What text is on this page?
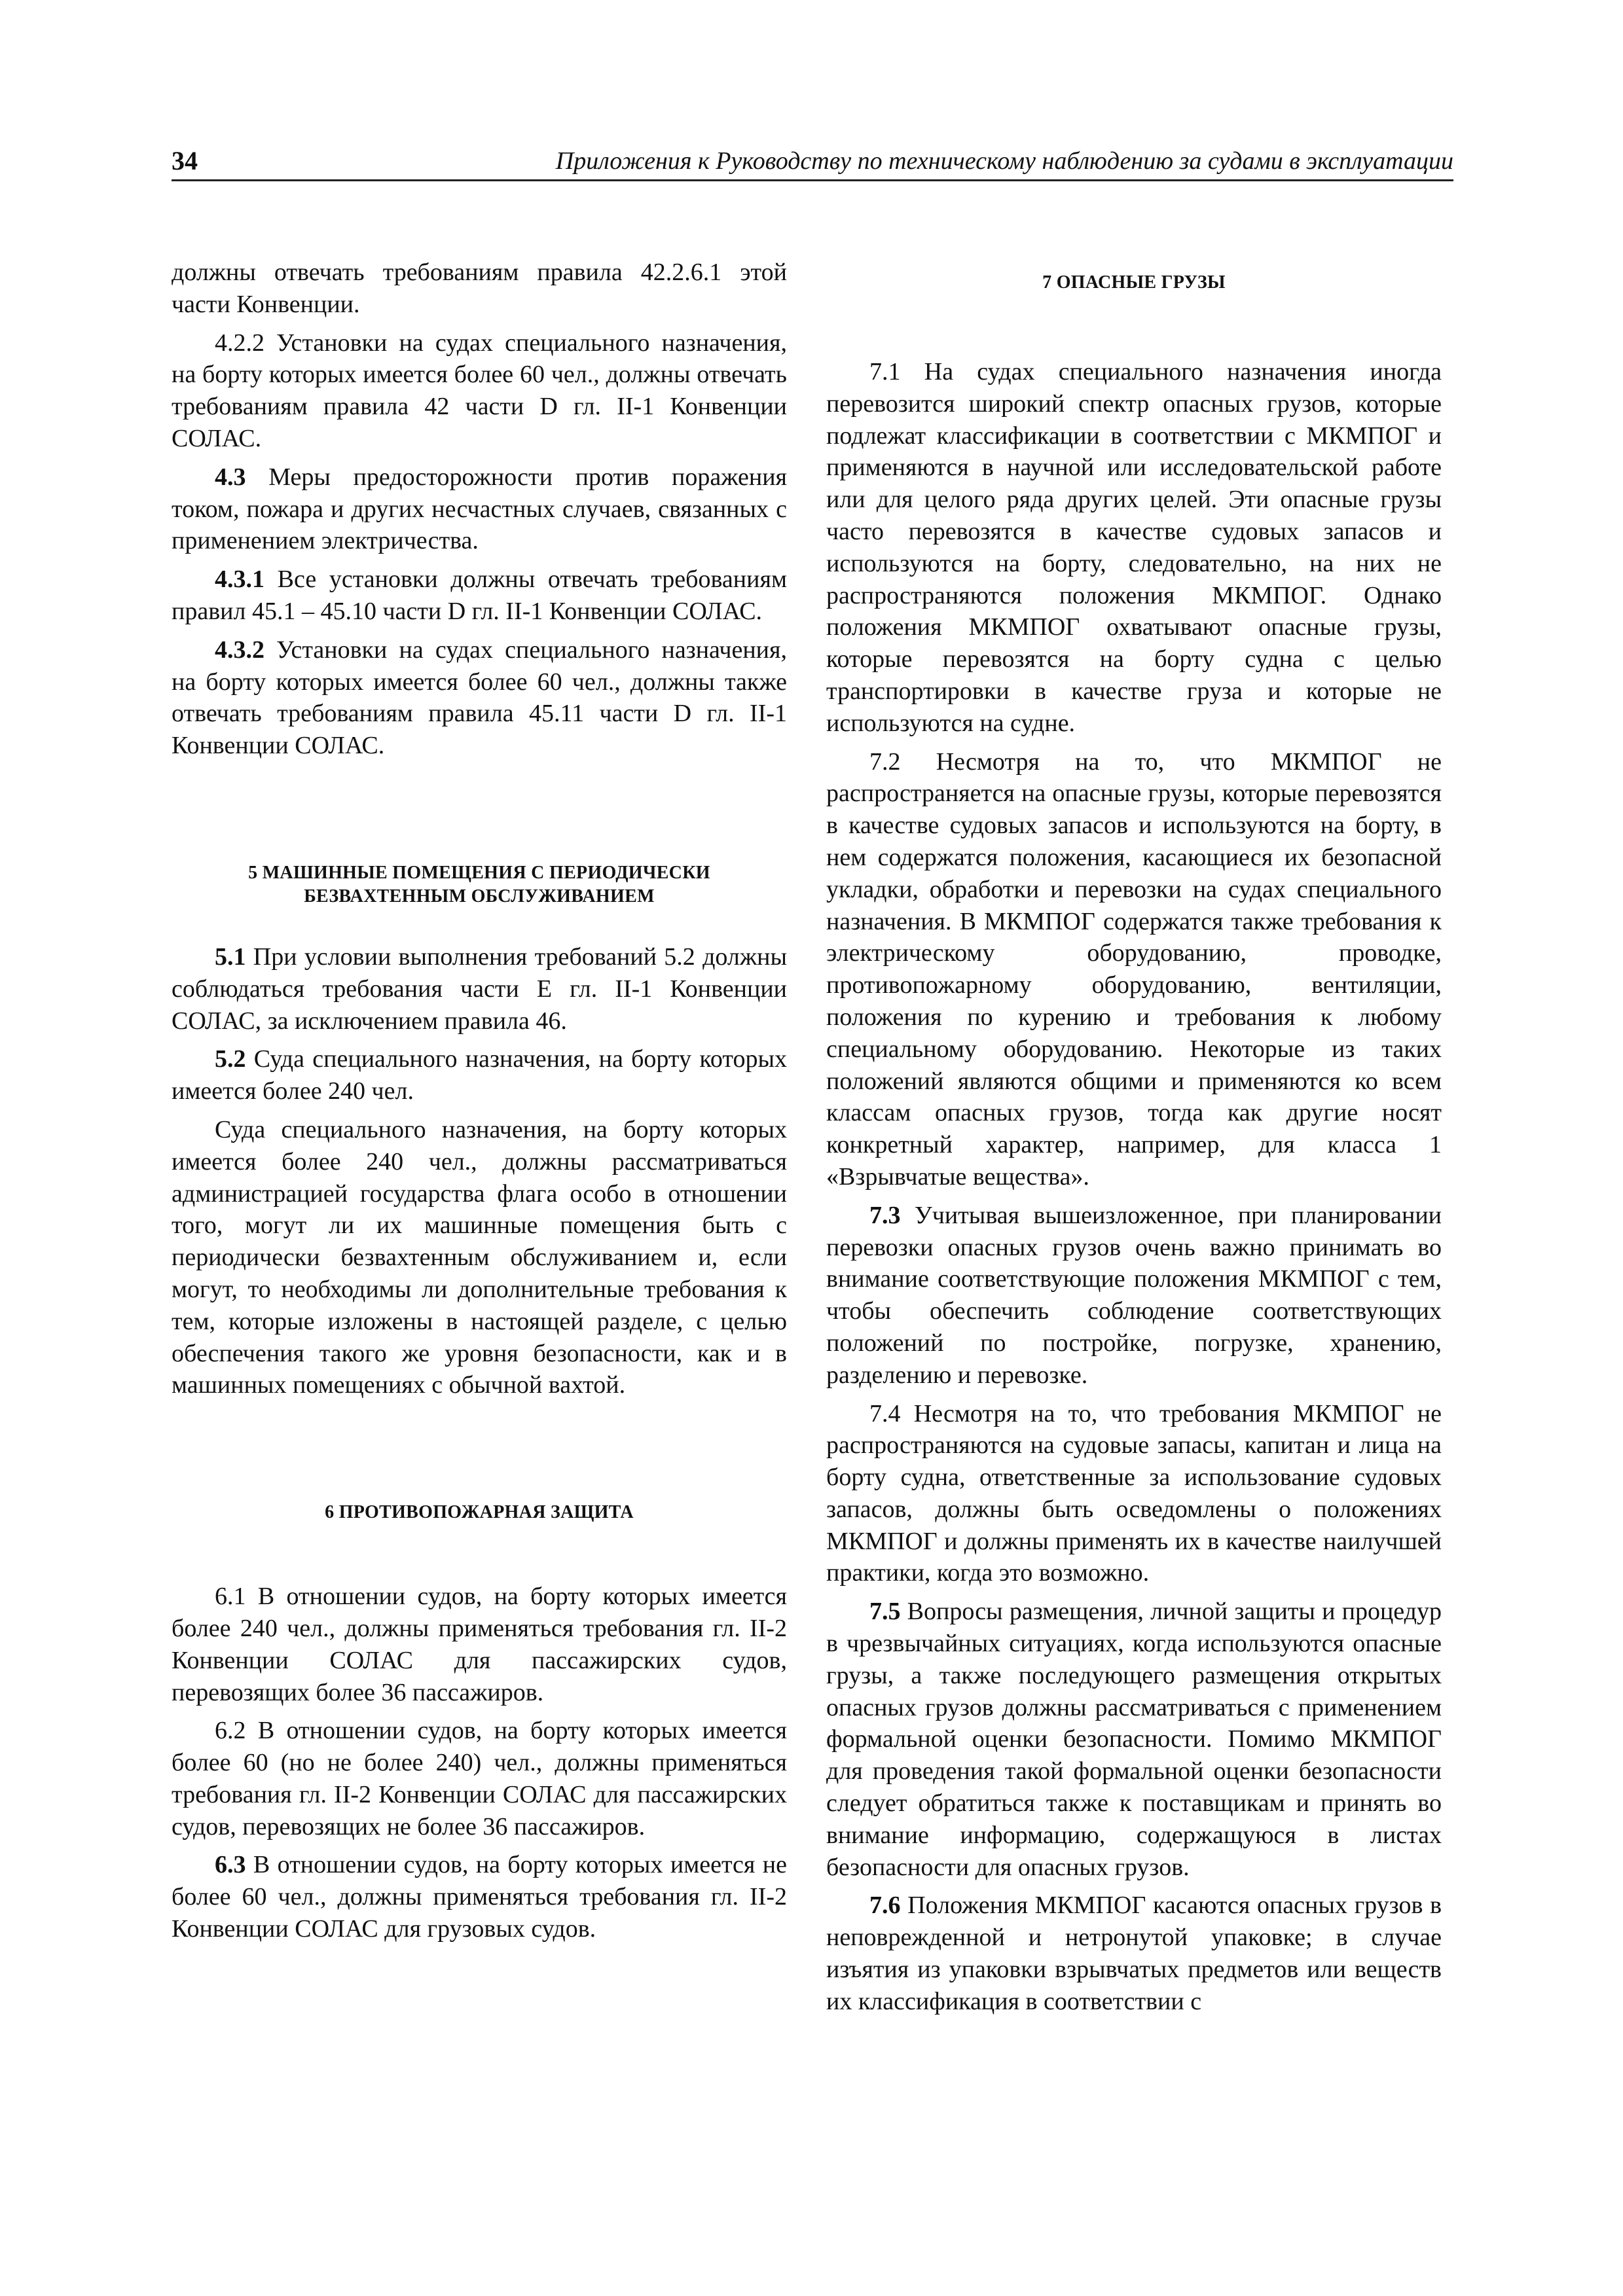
34	Приложения к Руководству по техническому наблюдению за судами в эксплуатации

должны отвечать требованиям правила 42.2.6.1 этой части Конвенции.

4.2.2 Установки на судах специального назначения, на борту которых имеется более 60 чел., должны отвечать требованиям правила 42 части D гл. II-1 Конвенции СОЛАС.

4.3 Меры предосторожности против поражения током, пожара и других несчастных случаев, связанных с применением электричества.

4.3.1 Все установки должны отвечать требованиям правил 45.1 – 45.10 части D гл. II-1 Конвенции СОЛАС.

4.3.2 Установки на судах специального назначения, на борту которых имеется более 60 чел., должны также отвечать требованиям правила 45.11 части D гл. II-1 Конвенции СОЛАС.

5 МАШИННЫЕ ПОМЕЩЕНИЯ С ПЕРИОДИЧЕСКИ
БЕЗВАХТЕННЫМ ОБСЛУЖИВАНИЕМ

5.1 При условии выполнения требований 5.2 должны соблюдаться требования части E гл. II-1 Конвенции СОЛАС, за исключением правила 46.

5.2 Суда специального назначения, на борту которых имеется более 240 чел.

Суда специального назначения, на борту которых имеется более 240 чел., должны рассматриваться администрацией государства флага особо в отношении того, могут ли их машинные помещения быть с периодически безвахтенным обслуживанием и, если могут, то необходимы ли дополнительные требования к тем, которые изложены в настоящей разделе, с целью обеспечения такого же уровня безопасности, как и в машинных помещениях с обычной вахтой.

6 ПРОТИВОПОЖАРНАЯ ЗАЩИТА

6.1 В отношении судов, на борту которых имеется более 240 чел., должны применяться требования гл. II-2 Конвенции СОЛАС для пассажирских судов, перевозящих более 36 пассажиров.

6.2 В отношении судов, на борту которых имеется более 60 (но не более 240) чел., должны применяться требования гл. II-2 Конвенции СОЛАС для пассажирских судов, перевозящих не более 36 пассажиров.

6.3 В отношении судов, на борту которых имеется не более 60 чел., должны применяться требования гл. II-2 Конвенции СОЛАС для грузовых судов.

7 ОПАСНЫЕ ГРУЗЫ

7.1 На судах специального назначения иногда перевозится широкий спектр опасных грузов, которые подлежат классификации в соответствии с МКМПОГ и применяются в научной или исследовательской работе или для целого ряда других целей. Эти опасные грузы часто перевозятся в качестве судовых запасов и используются на борту, следовательно, на них не распространяются положения МКМПОГ. Однако положения МКМПОГ охватывают опасные грузы, которые перевозятся на борту судна с целью транспортировки в качестве груза и которые не используются на судне.

7.2 Несмотря на то, что МКМПОГ не распространяется на опасные грузы, которые перевозятся в качестве судовых запасов и используются на борту, в нем содержатся положения, касающиеся их безопасной укладки, обработки и перевозки на судах специального назначения. В МКМПОГ содержатся также требования к электрическому оборудованию, проводке, противопожарному оборудованию, вентиляции, положения по курению и требования к любому специальному оборудованию. Некоторые из таких положений являются общими и применяются ко всем классам опасных грузов, тогда как другие носят конкретный характер, например, для класса 1 «Взрывчатые вещества».

7.3 Учитывая вышеизложенное, при планировании перевозки опасных грузов очень важно принимать во внимание соответствующие положения МКМПОГ с тем, чтобы обеспечить соблюдение соответствующих положений по постройке, погрузке, хранению, разделению и перевозке.

7.4 Несмотря на то, что требования МКМПОГ не распространяются на судовые запасы, капитан и лица на борту судна, ответственные за использование судовых запасов, должны быть осведомлены о положениях МКМПОГ и должны применять их в качестве наилучшей практики, когда это возможно.

7.5 Вопросы размещения, личной защиты и процедур в чрезвычайных ситуациях, когда используются опасные грузы, а также последующего размещения открытых опасных грузов должны рассматриваться с применением формальной оценки безопасности. Помимо МКМПОГ для проведения такой формальной оценки безопасности следует обратиться также к поставщикам и принять во внимание информацию, содержащуюся в листах безопасности для опасных грузов.

7.6 Положения МКМПОГ касаются опасных грузов в неповрежденной и нетронутой упаковке; в случае изъятия из упаковки взрывчатых предметов или веществ их классификация в соответствии с
